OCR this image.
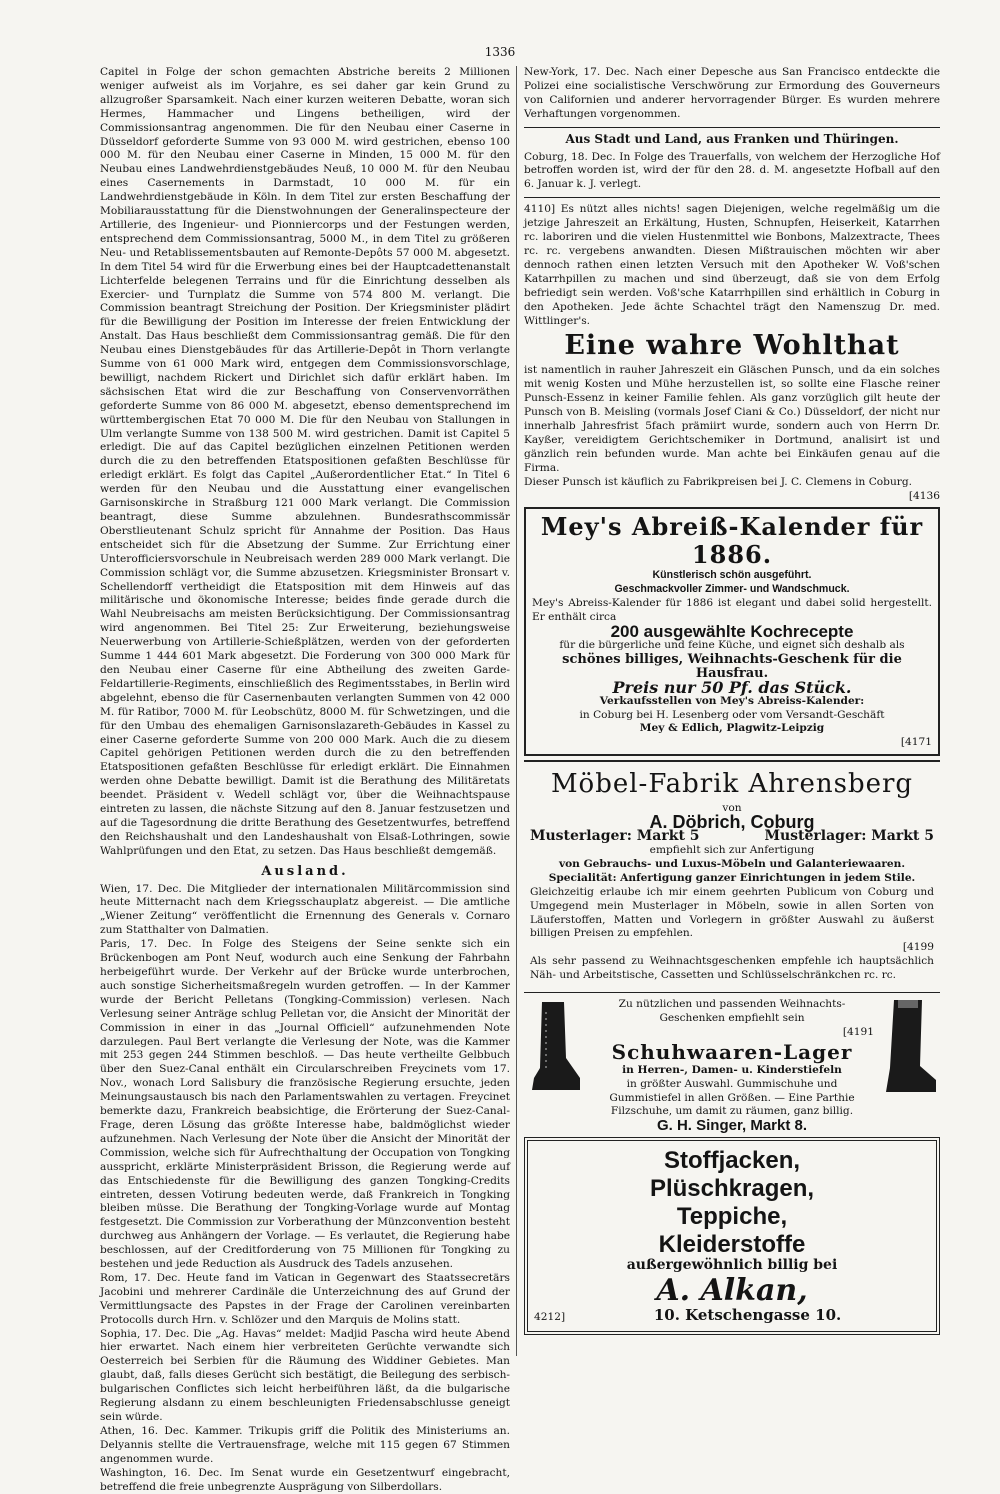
1336

Capitel in Folge der schon gemachten Abstriche bereits 2 Millionen weniger aufweist als im Vorjahre, es sei daher gar kein Grund zu allzugroßer Sparsamkeit. Nach einer kurzen weiteren Debatte, woran sich Hermes, Hammacher und Lingens betheiligen, wird der Commissionsantrag angenommen. Die für den Neubau einer Caserne in Düsseldorf geforderte Summe von 93 000 M. wird gestrichen, ebenso 100 000 M. für den Neubau einer Caserne in Minden, 15 000 M. für den Neubau eines Landwehrdienstgebäudes Neuß, 10 000 M. für den Neubau eines Casernements in Darmstadt, 10 000 M. für ein Landwehrdienstgebäude in Köln. In dem Titel zur ersten Beschaffung der Mobiliarausstattung für die Dienstwohnungen der Generalinspecteure der Artillerie, des Ingenieur- und Pionniercorps und der Festungen werden, entsprechend dem Commissionsantrag, 5000 M., in dem Titel zu größeren Neu- und Retablissementsbauten auf Remonte-Depôts 57 000 M. abgesetzt. In dem Titel 54 wird für die Erwerbung eines bei der Hauptcadettenanstalt Lichterfelde belegenen Terrains und für die Einrichtung desselben als Exercier- und Turnplatz die Summe von 574 800 M. verlangt. Die Commission beantragt Streichung der Position. Der Kriegsminister plädirt für die Bewilligung der Position im Interesse der freien Entwicklung der Anstalt. Das Haus beschließt dem Commissionsantrag gemäß. Die für den Neubau eines Dienstgebäudes für das Artillerie-Depôt in Thorn verlangte Summe von 61 000 Mark wird, entgegen dem Commissionsvorschlage, bewilligt, nachdem Rickert und Dirichlet sich dafür erklärt haben. Im sächsischen Etat wird die zur Beschaffung von Conservenvorräthen geforderte Summe von 86 000 M. abgesetzt, ebenso dementsprechend im württembergischen Etat 70 000 M. Die für den Neubau von Stallungen in Ulm verlangte Summe von 138 500 M. wird gestrichen. Damit ist Capitel 5 erledigt. Die auf das Capitel bezüglichen einzelnen Petitionen werden durch die zu den betreffenden Etatspositionen gefaßten Beschlüsse für erledigt erklärt. Es folgt das Capitel „Außerordentlicher Etat.“ In Titel 6 werden für den Neubau und die Ausstattung einer evangelischen Garnisonskirche in Straßburg 121 000 Mark verlangt. Die Commission beantragt, diese Summe abzulehnen. Bundesrathscommissär Oberstlieutenant Schulz spricht für Annahme der Position. Das Haus entscheidet sich für die Absetzung der Summe. Zur Errichtung einer Unterofficiersvorschule in Neubreisach werden 289 000 Mark verlangt. Die Commission schlägt vor, die Summe abzusetzen. Kriegsminister Bronsart v. Schellendorff vertheidigt die Etatsposition mit dem Hinweis auf das militärische und ökonomische Interesse; beides finde gerade durch die Wahl Neubreisachs am meisten Berücksichtigung. Der Commissionsantrag wird angenommen. Bei Titel 25: Zur Erweiterung, beziehungsweise Neuerwerbung von Artillerie-Schießplätzen, werden von der geforderten Summe 1 444 601 Mark abgesetzt. Die Forderung von 300 000 Mark für den Neubau einer Caserne für eine Abtheilung des zweiten Garde-Feldartillerie-Regiments, einschließlich des Regimentsstabes, in Berlin wird abgelehnt, ebenso die für Casernenbauten verlangten Summen von 42 000 M. für Ratibor, 7000 M. für Leobschütz, 8000 M. für Schwetzingen, und die für den Umbau des ehemaligen Garnisonslazareth-Gebäudes in Kassel zu einer Caserne geforderte Summe von 200 000 Mark. Auch die zu diesem Capitel gehörigen Petitionen werden durch die zu den betreffenden Etatspositionen gefaßten Beschlüsse für erledigt erklärt. Die Einnahmen werden ohne Debatte bewilligt. Damit ist die Berathung des Militäretats beendet. Präsident v. Wedell schlägt vor, über die Weihnachtspause eintreten zu lassen, die nächste Sitzung auf den 8. Januar festzusetzen und auf die Tagesordnung die dritte Berathung des Gesetzentwurfes, betreffend den Reichshaushalt und den Landeshaushalt von Elsaß-Lothringen, sowie Wahlprüfungen und den Etat, zu setzen. Das Haus beschließt demgemäß.

Ausland.

Wien, 17. Dec. Die Mitglieder der internationalen Militärcommission sind heute Mitternacht nach dem Kriegsschauplatz abgereist. — Die amtliche „Wiener Zeitung“ veröffentlicht die Ernennung des Generals v. Cornaro zum Statthalter von Dalmatien.

Paris, 17. Dec. In Folge des Steigens der Seine senkte sich ein Brückenbogen am Pont Neuf, wodurch auch eine Senkung der Fahrbahn herbeigeführt wurde. Der Verkehr auf der Brücke wurde unterbrochen, auch sonstige Sicherheitsmaßregeln wurden getroffen. — In der Kammer wurde der Bericht Pelletans (Tongking-Commission) verlesen. Nach Verlesung seiner Anträge schlug Pelletan vor, die Ansicht der Minorität der Commission in einer in das „Journal Officiell“ aufzunehmenden Note darzulegen. Paul Bert verlangte die Verlesung der Note, was die Kammer mit 253 gegen 244 Stimmen beschloß. — Das heute vertheilte Gelbbuch über den Suez-Canal enthält ein Circularschreiben Freycinets vom 17. Nov., wonach Lord Salisbury die französische Regierung ersuchte, jeden Meinungsaustausch bis nach den Parlamentswahlen zu vertagen. Freycinet bemerkte dazu, Frankreich beabsichtige, die Erörterung der Suez-Canal-Frage, deren Lösung das größte Interesse habe, baldmöglichst wieder aufzunehmen. Nach Verlesung der Note über die Ansicht der Minorität der Commission, welche sich für Aufrechthaltung der Occupation von Tongking ausspricht, erklärte Ministerpräsident Brisson, die Regierung werde auf das Entschiedenste für die Bewilligung des ganzen Tongking-Credits eintreten, dessen Votirung bedeuten werde, daß Frankreich in Tongking bleiben müsse. Die Berathung der Tongking-Vorlage wurde auf Montag festgesetzt. Die Commission zur Vorberathung der Münzconvention besteht durchweg aus Anhängern der Vorlage. — Es verlautet, die Regierung habe beschlossen, auf der Creditforderung von 75 Millionen für Tongking zu bestehen und jede Reduction als Ausdruck des Tadels anzusehen.

Rom, 17. Dec. Heute fand im Vatican in Gegenwart des Staatssecretärs Jacobini und mehrerer Cardinäle die Unterzeichnung des auf Grund der Vermittlungsacte des Papstes in der Frage der Carolinen vereinbarten Protocolls durch Hrn. v. Schlözer und den Marquis de Molins statt.

Sophia, 17. Dec. Die „Ag. Havas“ meldet: Madjid Pascha wird heute Abend hier erwartet. Nach einem hier verbreiteten Gerüchte verwandte sich Oesterreich bei Serbien für die Räumung des Widdiner Gebietes. Man glaubt, daß, falls dieses Gerücht sich bestätigt, die Beilegung des serbisch-bulgarischen Conflictes sich leicht herbeiführen läßt, da die bulgarische Regierung alsdann zu einem beschleunigten Friedensabschlusse geneigt sein würde.

Athen, 16. Dec. Kammer. Trikupis griff die Politik des Ministeriums an. Delyannis stellte die Vertrauensfrage, welche mit 115 gegen 67 Stimmen angenommen wurde.

Washington, 16. Dec. Im Senat wurde ein Gesetzentwurf eingebracht, betreffend die freie unbegrenzte Ausprägung von Silberdollars.

New-York, 17. Dec. Nach einer Depesche aus San Francisco entdeckte die Polizei eine socialistische Verschwörung zur Ermordung des Gouverneurs von Californien und anderer hervorragender Bürger. Es wurden mehrere Verhaftungen vorgenommen.

Aus Stadt und Land, aus Franken und Thüringen.

Coburg, 18. Dec. In Folge des Trauerfalls, von welchem der Herzogliche Hof betroffen worden ist, wird der für den 28. d. M. angesetzte Hofball auf den 6. Januar k. J. verlegt.

4110] Es nützt alles nichts! sagen Diejenigen, welche regelmäßig um die jetzige Jahreszeit an Erkältung, Husten, Schnupfen, Heiserkeit, Katarrhen rc. laboriren und die vielen Hustenmittel wie Bonbons, Malzextracte, Thees rc. rc. vergebens anwandten. Diesen Mißtrauischen möchten wir aber dennoch rathen einen letzten Versuch mit den Apotheker W. Voß'schen Katarrhpillen zu machen und sind überzeugt, daß sie von dem Erfolg befriedigt sein werden. Voß'sche Katarrhpillen sind erhältlich in Coburg in den Apotheken. Jede ächte Schachtel trägt den Namenszug Dr. med. Wittlinger's.

Eine wahre Wohlthat

ist namentlich in rauher Jahreszeit ein Gläschen Punsch, und da ein solches mit wenig Kosten und Mühe herzustellen ist, so sollte eine Flasche reiner Punsch-Essenz in keiner Familie fehlen. Als ganz vorzüglich gilt heute der Punsch von B. Meisling (vormals Josef Ciani & Co.) Düsseldorf, der nicht nur innerhalb Jahresfrist 5fach prämiirt wurde, sondern auch von Herrn Dr. Kayßer, vereidigtem Gerichtschemiker in Dortmund, analisirt ist und gänzlich rein befunden wurde. Man achte bei Einkäufen genau auf die Firma.

Dieser Punsch ist käuflich zu Fabrikpreisen bei J. C. Clemens in Coburg.

[4136

Mey's Abreiß-Kalender für 1886.
Künstlerisch schön ausgeführt.
Geschmackvoller Zimmer- und Wandschmuck.
Mey's Abreiss-Kalender für 1886 ist elegant und dabei solid hergestellt. Er enthält circa
200 ausgewählte Kochrecepte
für die bürgerliche und feine Küche, und eignet sich deshalb als
schönes billiges, Weihnachts-Geschenk für die Hausfrau.
Preis nur 50 Pf. das Stück.
Verkaufsstellen von Mey's Abreiss-Kalender:
in Coburg bei H. Lesenberg oder vom Versandt-Geschäft
Mey & Edlich, Plagwitz-Leipzig
[4171
Möbel-Fabrik Ahrensberg
von
A. Döbrich, Coburg
Musterlager: Markt 5	Musterlager: Markt 5
empfiehlt sich zur Anfertigung
von Gebrauchs- und Luxus-Möbeln und Galanteriewaaren.
Specialität: Anfertigung ganzer Einrichtungen in jedem Stile.

Gleichzeitig erlaube ich mir einem geehrten Publicum von Coburg und Umgegend mein Musterlager in Möbeln, sowie in allen Sorten von Läuferstoffen, Matten und Vorlegern in größter Auswahl zu äußerst billigen Preisen zu empfehlen.

[4199

Als sehr passend zu Weihnachtsgeschenken empfehle ich hauptsächlich Näh- und Arbeitstische, Cassetten und Schlüsselschränkchen rc. rc.

Zu nützlichen und passenden Weihnachts-Geschenken empfiehlt sein
[4191
Schuhwaaren-Lager
in Herren-, Damen- u. Kinderstiefeln
in größter Auswahl. Gummischuhe und Gummistiefel in allen Größen. — Eine Parthie Filzschuhe, um damit zu räumen, ganz billig.
G. H. Singer, Markt 8.
Stoffjacken,
Plüschkragen,
Teppiche,
Kleiderstoffe
außergewöhnlich billig bei
A. Alkan,
4212]	10. Ketschengasse 10.
